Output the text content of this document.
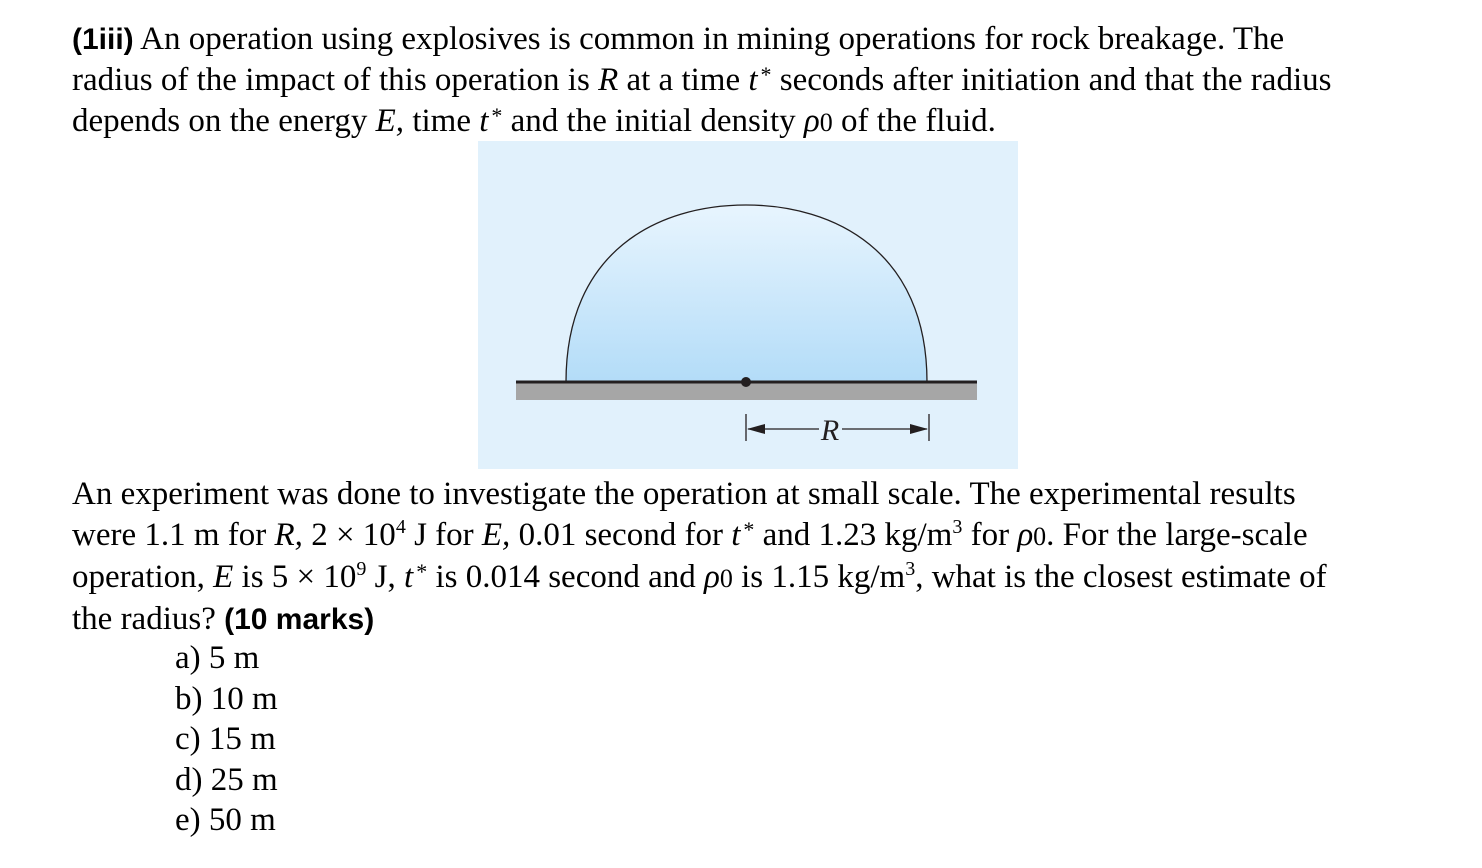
(1iii) An operation using explosives is common in mining operations for rock breakage. The
radius of the impact of this operation is R at a time t * seconds after initiation and that the radius
depends on the energy E, time t * and the initial density ρ0 of the fluid.
R
An experiment was done to investigate the operation at small scale. The experimental results
were 1.1 m for R, $2 \times 10^4$ J for E, 0.01 second for t * and 1.23 $kg/m^3$ for ρ0. For the large-scale
operation, E is $5 \times 10^9$ J, t * is 0.014 second and ρ0 is 1.15 $kg/m^3$, what is the closest estimate of
the radius? (10 marks)
a) 5 m
b) 10 m
c) 15 m
d) 25 m
e) 50 m
